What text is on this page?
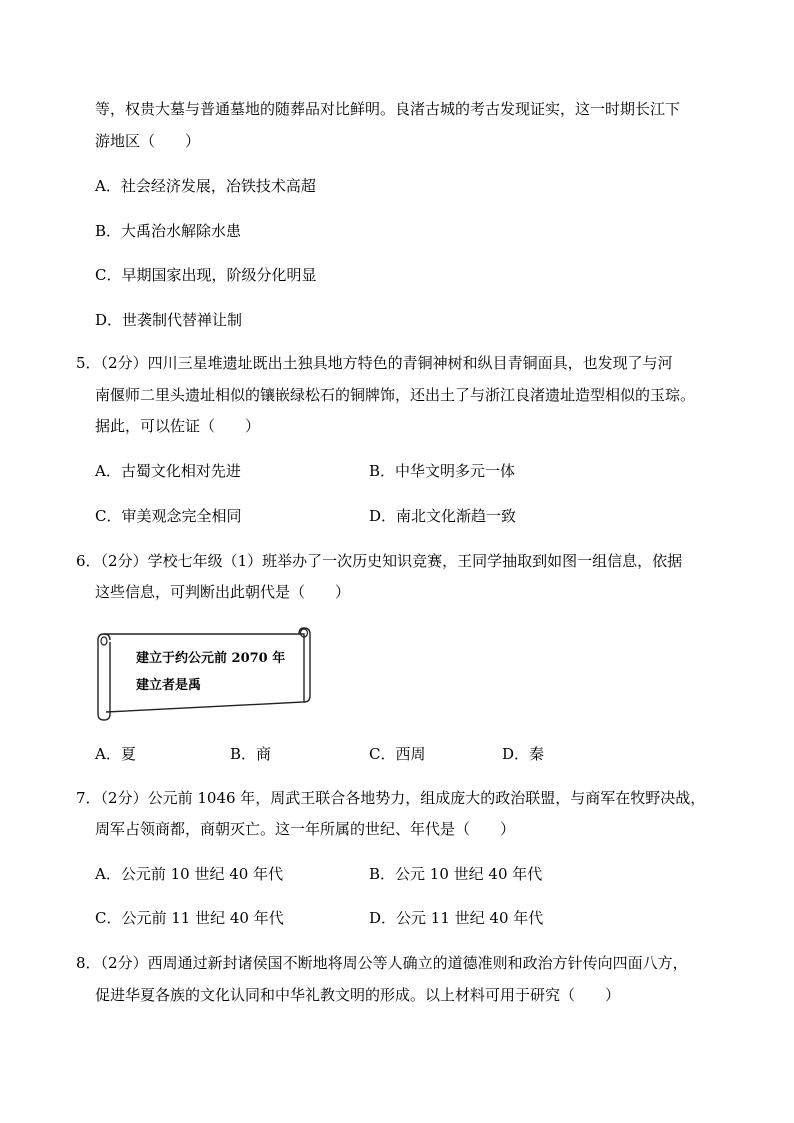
等，权贵大墓与普通墓地的随葬品对比鲜明。良渚古城的考古发现证实，这一时期长江下
游地区（　　）
A．社会经济发展，冶铁技术高超
B．大禹治水解除水患
C．早期国家出现，阶级分化明显
D．世袭制代替禅让制
5．（2分）四川三星堆遗址既出土独具地方特色的青铜神树和纵目青铜面具，也发现了与河
南偃师二里头遗址相似的镶嵌绿松石的铜牌饰，还出土了与浙江良渚遗址造型相似的玉琮。
据此，可以佐证（　　）
A．古蜀文化相对先进	B．中华文明多元一体
C．审美观念完全相同	D．南北文化渐趋一致
6．（2分）学校七年级（1）班举办了一次历史知识竞赛，王同学抽取到如图一组信息，依据
这些信息，可判断出此朝代是（　　）
建立于约公元前 2070 年
建立者是禹
A．夏	B．商	C．西周	D．秦
7．（2分）公元前 1046 年，周武王联合各地势力，组成庞大的政治联盟，与商军在牧野决战，
周军占领商都，商朝灭亡。这一年所属的世纪、年代是（　　）
A．公元前 10 世纪 40 年代	B．公元 10 世纪 40 年代
C．公元前 11 世纪 40 年代	D．公元 11 世纪 40 年代
8．（2分）西周通过新封诸侯国不断地将周公等人确立的道德准则和政治方针传向四面八方，
促进华夏各族的文化认同和中华礼教文明的形成。以上材料可用于研究（　　）
